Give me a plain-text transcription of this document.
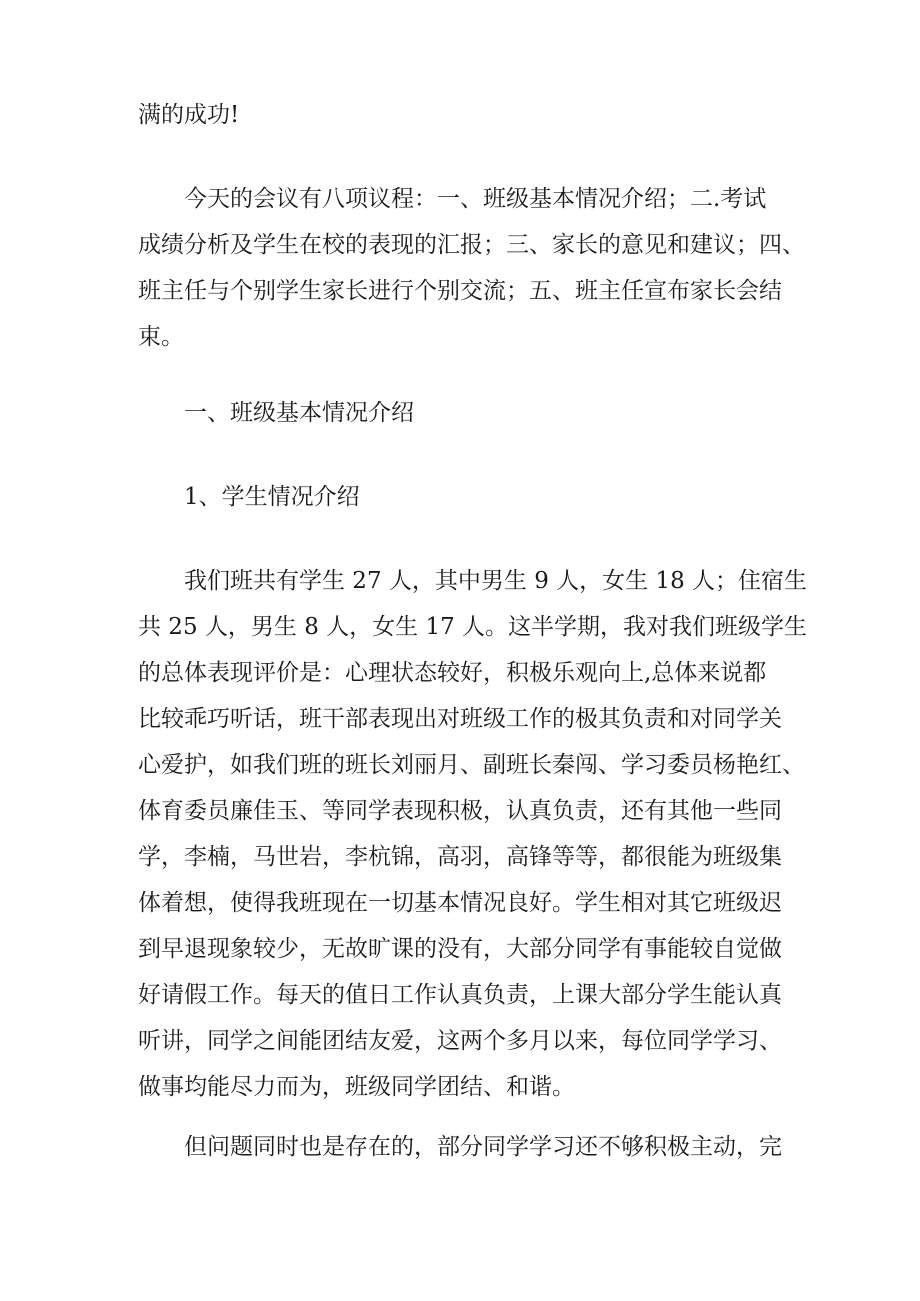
满的成功!
今天的会议有八项议程：一、班级基本情况介绍；二.考试
成绩分析及学生在校的表现的汇报；三、家长的意见和建议；四、
班主任与个别学生家长进行个别交流；五、班主任宣布家长会结
束。
一、班级基本情况介绍
1、学生情况介绍
我们班共有学生 27 人，其中男生 9 人，女生 18 人；住宿生
共 25 人，男生 8 人，女生 17 人。这半学期，我对我们班级学生
的总体表现评价是：心理状态较好，积极乐观向上,总体来说都
比较乖巧听话，班干部表现出对班级工作的极其负责和对同学关
心爱护，如我们班的班长刘丽月、副班长秦闯、学习委员杨艳红、
体育委员廉佳玉、等同学表现积极，认真负责，还有其他一些同
学，李楠，马世岩，李杭锦，高羽，高锋等等，都很能为班级集
体着想，使得我班现在一切基本情况良好。学生相对其它班级迟
到早退现象较少，无故旷课的没有，大部分同学有事能较自觉做
好请假工作。每天的值日工作认真负责，上课大部分学生能认真
听讲，同学之间能团结友爱，这两个多月以来，每位同学学习、
做事均能尽力而为，班级同学团结、和谐。
但问题同时也是存在的，部分同学学习还不够积极主动，完
